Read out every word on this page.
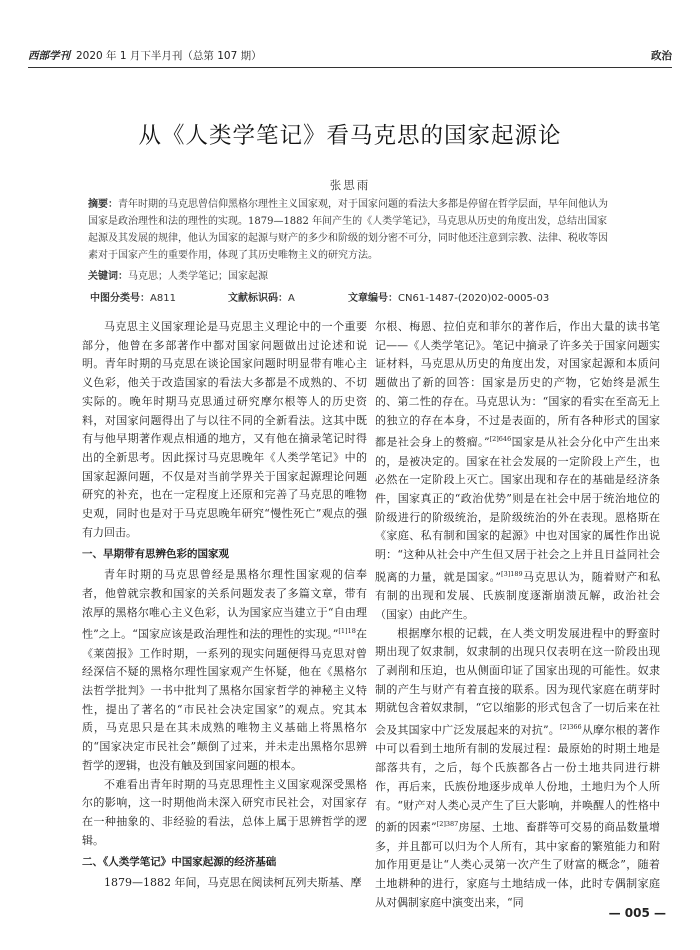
西部学刊 2020 年 1 月下半月刊（总第 107 期）	政治
从《人类学笔记》看马克思的国家起源论
张思雨
摘要：青年时期的马克思曾信仰黑格尔理性主义国家观，对于国家问题的看法大多都是停留在哲学层面，早年间他认为国家是政治理性和法的理性的实现。1879—1882 年间产生的《人类学笔记》，马克思从历史的角度出发，总结出国家起源及其发展的规律，他认为国家的起源与财产的多少和阶级的划分密不可分，同时他还注意到宗教、法律、税收等因素对于国家产生的重要作用，体现了其历史唯物主义的研究方法。
关键词：马克思；人类学笔记；国家起源
中图分类号：A811	文献标识码：A	文章编号：CN61-1487-(2020)02-0005-03

马克思主义国家理论是马克思主义理论中的一个重要部分，他曾在多部著作中都对国家问题做出过论述和说明。青年时期的马克思在谈论国家问题时明显带有唯心主义色彩，他关于改造国家的看法大多都是不成熟的、不切实际的。晚年时期马克思通过研究摩尔根等人的历史资料，对国家问题得出了与以往不同的全新看法。这其中既有与他早期著作观点相通的地方，又有他在摘录笔记时得出的全新思考。因此探讨马克思晚年《人类学笔记》中的国家起源问题，不仅是对当前学界关于国家起源理论问题研究的补充，也在一定程度上还原和完善了马克思的唯物史观，同时也是对于马克思晚年研究“慢性死亡”观点的强有力回击。

一、早期带有思辨色彩的国家观

青年时期的马克思曾经是黑格尔理性国家观的信奉者，他曾就宗教和国家的关系问题发表了多篇文章，带有浓厚的黑格尔唯心主义色彩，认为国家应当建立于“自由理性”之上。“国家应该是政治理性和法的理性的实现。”$^{[1]18}$在《莱茵报》工作时期，一系列的现实问题便得马克思对曾经深信不疑的黑格尔理性国家观产生怀疑，他在《黑格尔法哲学批判》一书中批判了黑格尔国家哲学的神秘主义特性，提出了著名的“市民社会决定国家”的观点。究其本质，马克思只是在其未成熟的唯物主义基础上将黑格尔的“国家决定市民社会”颠倒了过来，并未走出黑格尔思辨哲学的逻辑，也没有触及到国家问题的根本。

不难看出青年时期的马克思理性主义国家观深受黑格尔的影响，这一时期他尚未深入研究市民社会，对国家存在一种抽象的、非经验的看法，总体上属于思辨哲学的逻辑。

二、《人类学笔记》中国家起源的经济基础

1879—1882 年间，马克思在阅读柯瓦列夫斯基、摩

尔根、梅恩、拉伯克和菲尔的著作后，作出大量的读书笔记——《人类学笔记》。笔记中摘录了许多关于国家问题实证材料，马克思从历史的角度出发，对国家起源和本质问题做出了新的回答：国家是历史的产物，它始终是派生的、第二性的存在。马克思认为：“国家的看实在至高无上的独立的存在本身，不过是表面的，所有各种形式的国家都是社会身上的赘瘤。”$^{[2]646}$国家是从社会分化中产生出来的，是被决定的。国家在社会发展的一定阶段上产生，也必然在一定阶段上灭亡。国家出现和存在的基础是经济条件，国家真正的“政治优势”则是在社会中居于统治地位的阶级进行的阶级统治，是阶级统治的外在表现。恩格斯在《家庭、私有制和国家的起源》中也对国家的属性作出说明：“这种从社会中产生但又居于社会之上并且日益同社会脱离的力量，就是国家。”$^{[3]189}$马克思认为，随着财产和私有制的出现和发展、氏族制度逐渐崩溃瓦解，政治社会（国家）由此产生。

根据摩尔根的记载，在人类文明发展进程中的野蛮时期出现了奴隶制，奴隶制的出现只仅表明在这一阶段出现了剥削和压迫，也从侧面印证了国家出现的可能性。奴隶制的产生与财产有着直接的联系。因为现代家庭在萌芽时期就包含着奴隶制，“它以缩影的形式包含了一切后来在社会及其国家中广泛发展起来的对抗”。$^{[2]366}$从摩尔根的著作中可以看到土地所有制的发展过程：最原始的时期土地是部落共有，之后，每个氏族都各占一份土地共同进行耕作，再后来，氏族份地逐步成单人份地，土地归为个人所有。“财产对人类心灵产生了巨大影响，并唤醒人的性格中的新的因素”$^{[2]387}$房屋、土地、畜群等可交易的商品数量增多，并且都可以归为个人所有，其中家畜的繁殖能力和附加作用更是让“人类心灵第一次产生了财富的概念”，随着土地耕种的进行，家庭与土地结成一体，此时专偶制家庭从对偶制家庭中演变出来，“同

— 005 —
